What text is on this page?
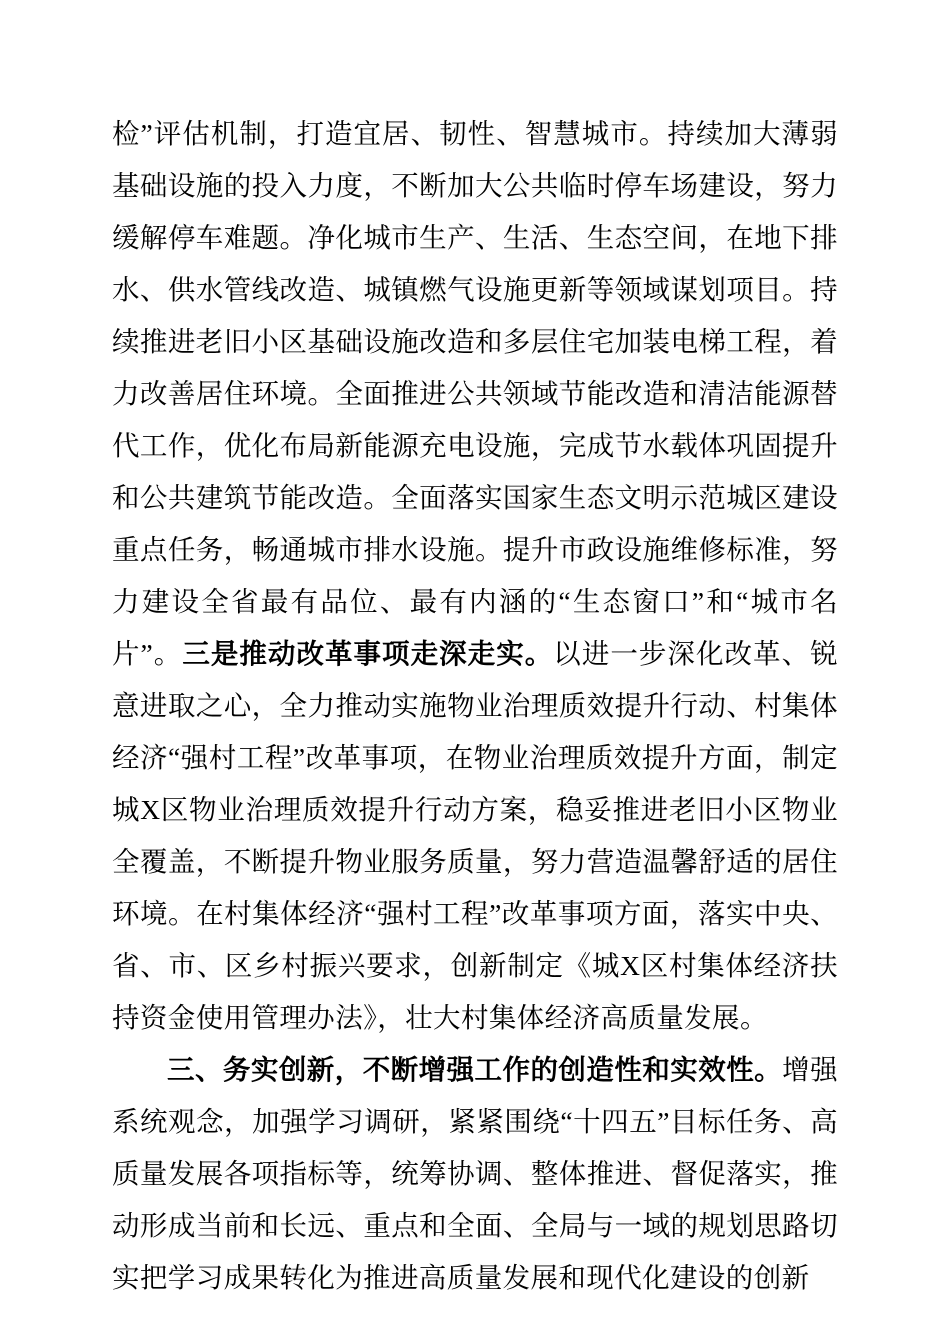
检”评估机制，打造宜居、韧性、智慧城市。持续加大薄弱基础设施的投入力度，不断加大公共临时停车场建设，努力缓解停车难题。净化城市生产、生活、生态空间，在地下排水、供水管线改造、城镇燃气设施更新等领域谋划项目。持续推进老旧小区基础设施改造和多层住宅加装电梯工程，着力改善居住环境。全面推进公共领域节能改造和清洁能源替代工作，优化布局新能源充电设施，完成节水载体巩固提升和公共建筑节能改造。全面落实国家生态文明示范城区建设重点任务，畅通城市排水设施。提升市政设施维修标准，努力建设全省最有品位、最有内涵的“生态窗口”和“城市名片”。三是推动改革事项走深走实。以进一步深化改革、锐意进取之心，全力推动实施物业治理质效提升行动、村集体经济“强村工程”改革事项，在物业治理质效提升方面，制定城X区物业治理质效提升行动方案，稳妥推进老旧小区物业全覆盖，不断提升物业服务质量，努力营造温馨舒适的居住环境。在村集体经济“强村工程”改革事项方面，落实中央、省、市、区乡村振兴要求，创新制定《城X区村集体经济扶持资金使用管理办法》，壮大村集体经济高质量发展。

三、务实创新，不断增强工作的创造性和实效性。增强系统观念，加强学习调研，紧紧围绕“十四五”目标任务、高质量发展各项指标等，统筹协调、整体推进、督促落实，推动形成当前和长远、重点和全面、全局与一域的规划思路切实把学习成果转化为推进高质量发展和现代化建设的创新
